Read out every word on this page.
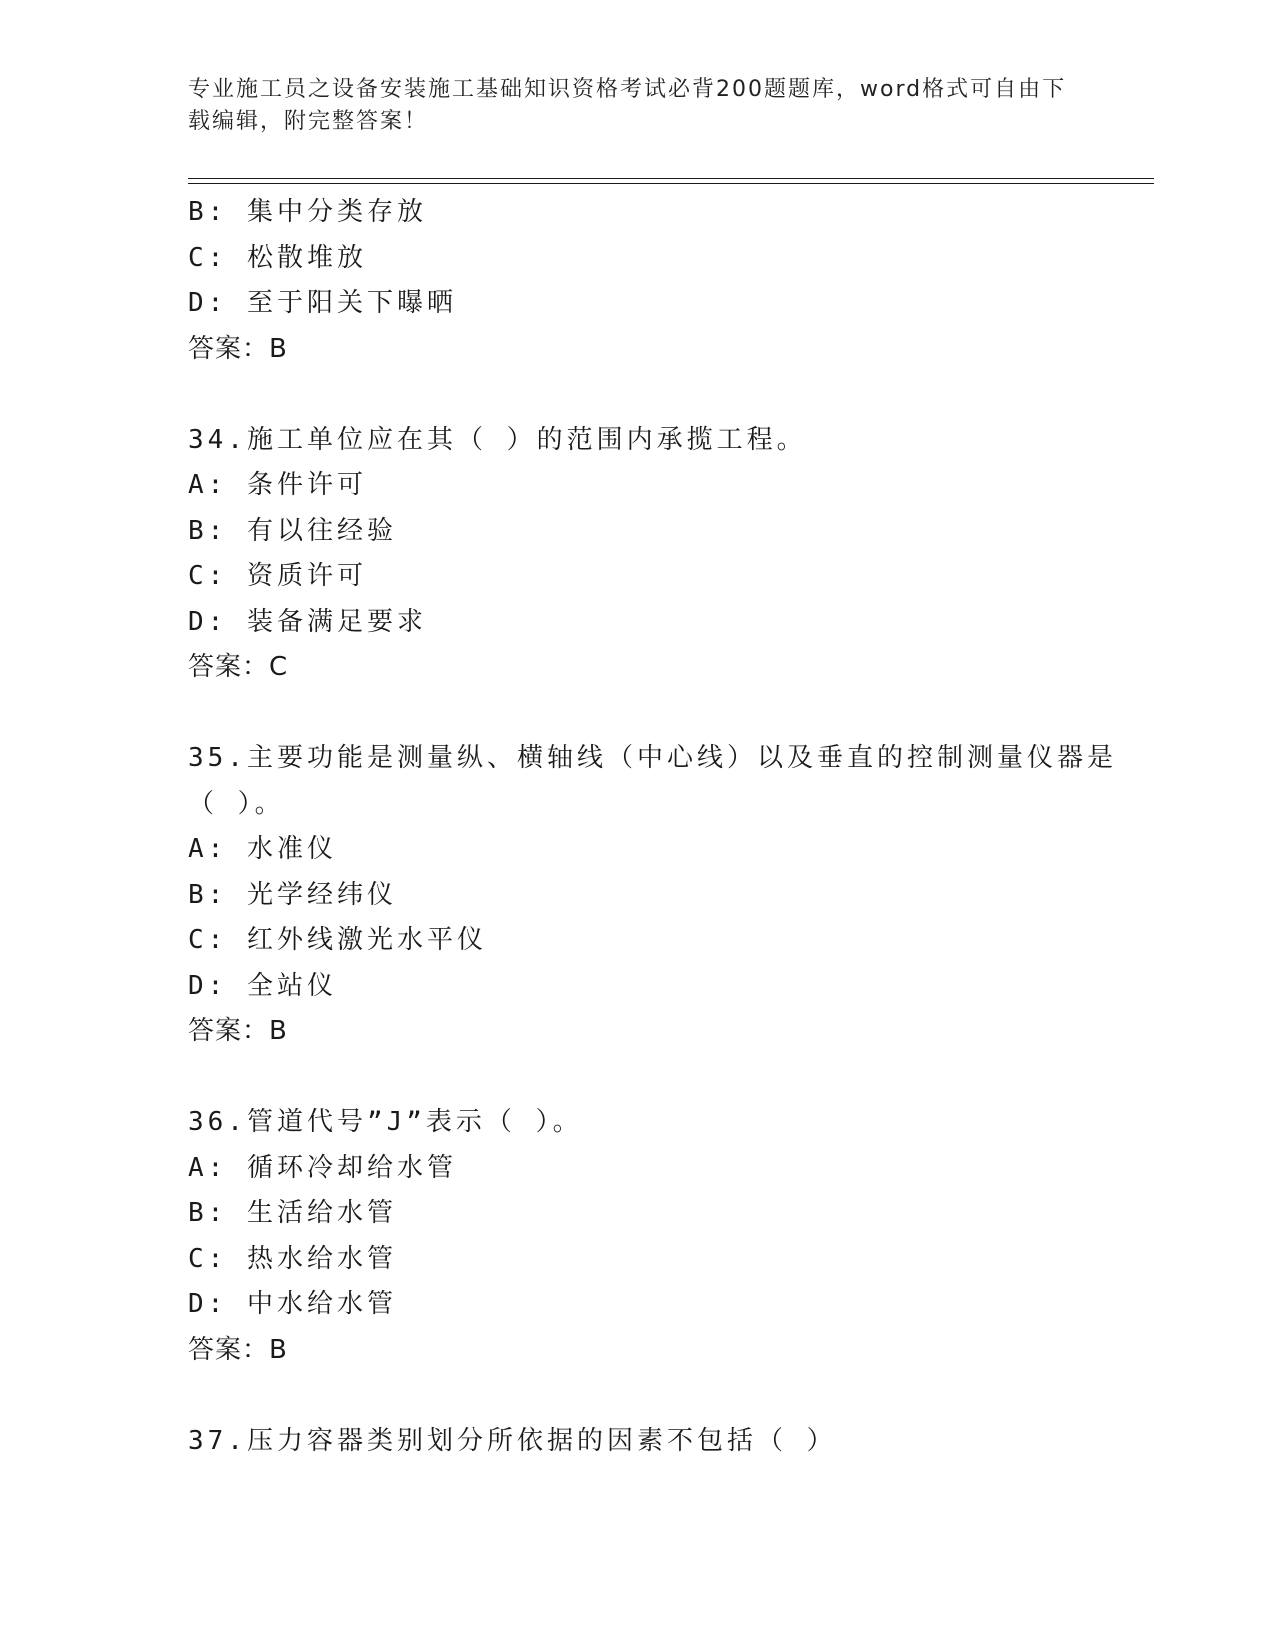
专业施工员之设备安装施工基础知识资格考试必背200题题库，word格式可自由下载编辑，附完整答案！
B: 集中分类存放
C: 松散堆放
D: 至于阳关下曝晒
答案：B
34.施工单位应在其（ ）的范围内承揽工程。
A: 条件许可
B: 有以往经验
C: 资质许可
D: 装备满足要求
答案：C
35.主要功能是测量纵、横轴线（中心线）以及垂直的控制测量仪器是
（ ）。
A: 水准仪
B: 光学经纬仪
C: 红外线激光水平仪
D: 全站仪
答案：B
36.管道代号”J”表示（ ）。
A: 循环冷却给水管
B: 生活给水管
C: 热水给水管
D: 中水给水管
答案：B
37.压力容器类别划分所依据的因素不包括（ ）
